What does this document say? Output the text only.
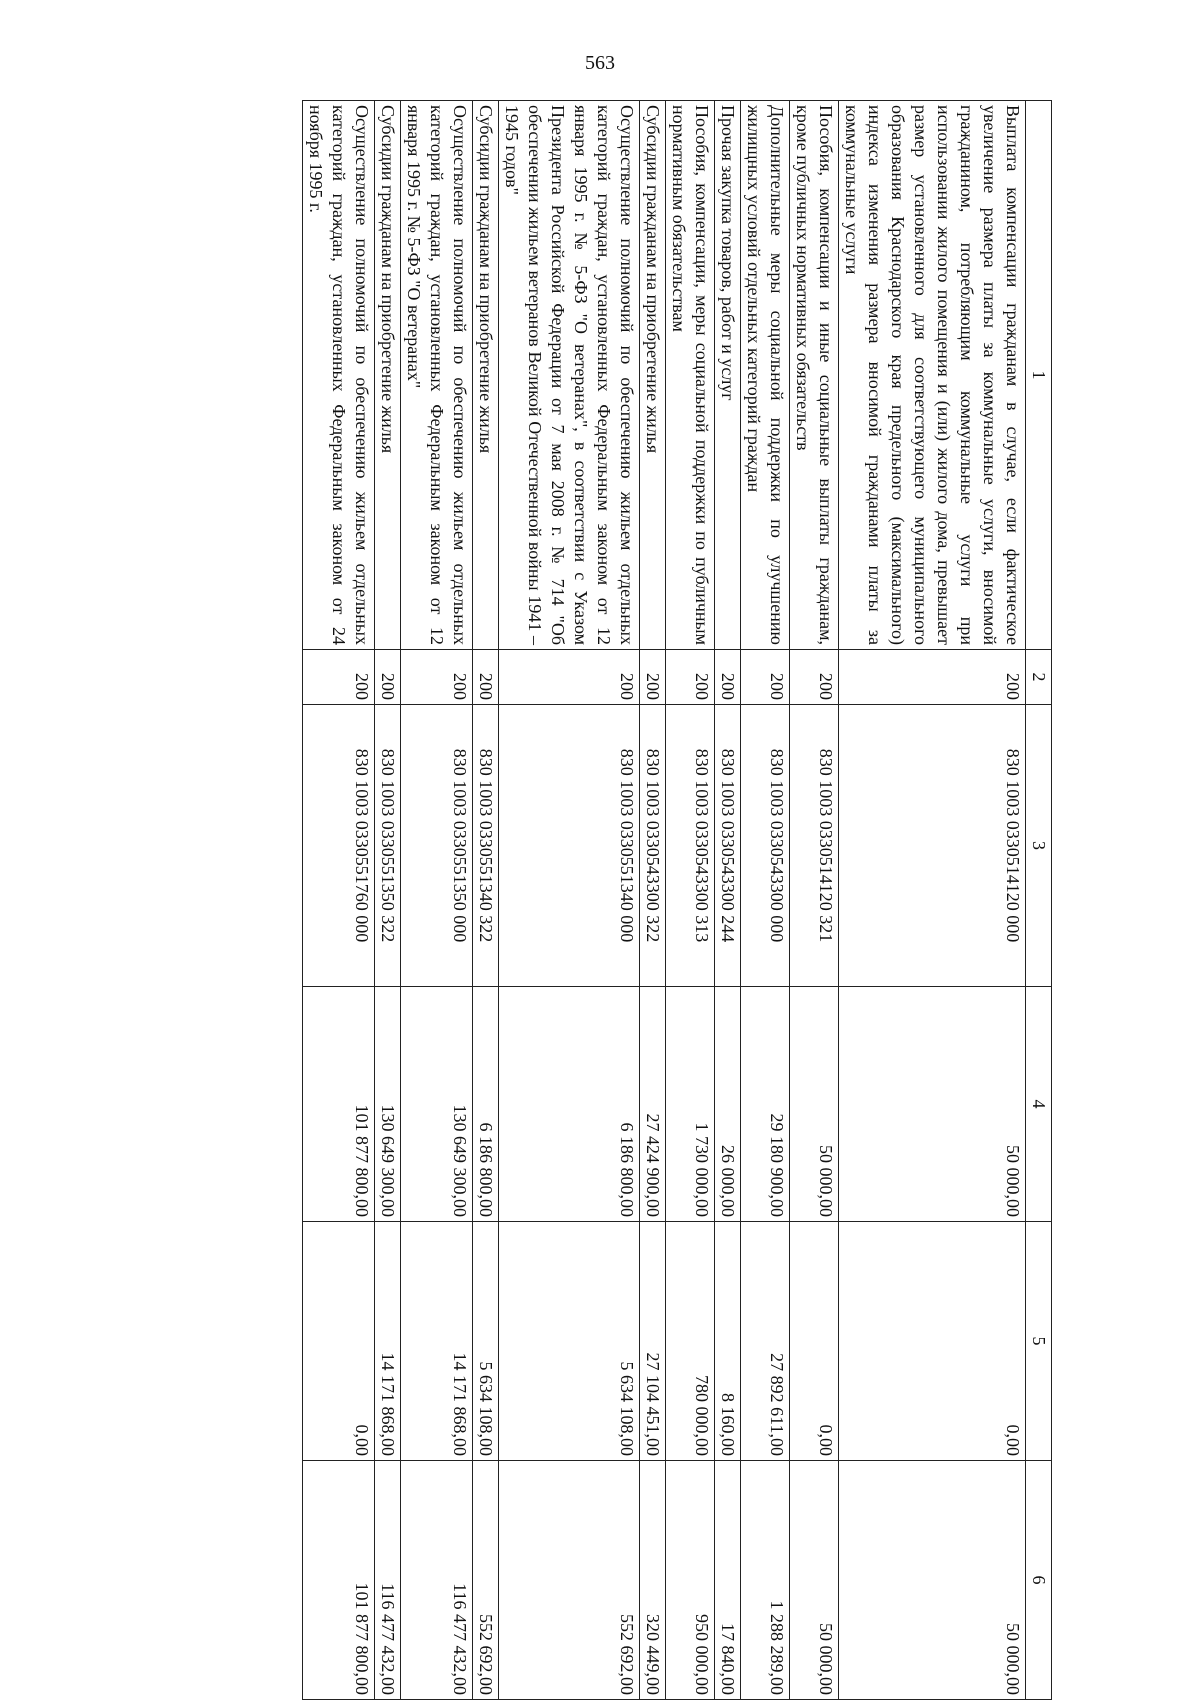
563
1	2	3	4	5	6
Выплата компенсации гражданам в случае, если фактическое увеличение размера платы за коммунальные услуги, вносимой гражданином, потребляющим коммунальные услуги при использовании жилого помещения и (или) жилого дома, превышает размер установленного для соответствующего муниципального образования Краснодарского края предельного (максимального) индекса изменения размера вносимой гражданами платы за коммунальные услуги	200	830 1003 0330514120 000	50 000,00	0,00	50 000,00
Пособия, компенсации и иные социальные выплаты гражданам, кроме публичных нормативных обязательств	200	830 1003 0330514120 321	50 000,00	0,00	50 000,00
Дополнительные меры социальной поддержки по улучшению жилищных условий отдельных категорий граждан	200	830 1003 0330543300 000	29 180 900,00	27 892 611,00	1 288 289,00
Прочая закупка товаров, работ и услуг	200	830 1003 0330543300 244	26 000,00	8 160,00	17 840,00
Пособия, компенсации, меры социальной поддержки по публичным нормативным обязательствам	200	830 1003 0330543300 313	1 730 000,00	780 000,00	950 000,00
Субсидии гражданам на приобретение жилья	200	830 1003 0330543300 322	27 424 900,00	27 104 451,00	320 449,00
Осуществление полномочий по обеспечению жильем отдельных категорий граждан, установленных Федеральным законом от 12 января 1995 г. № 5-ФЗ "О ветеранах", в соответствии с Указом Президента Российской Федерации от 7 мая 2008 г. № 714 "Об обеспечении жильем ветеранов Великой Отечественной войны 1941 – 1945 годов"	200	830 1003 0330551340 000	6 186 800,00	5 634 108,00	552 692,00
Субсидии гражданам на приобретение жилья	200	830 1003 0330551340 322	6 186 800,00	5 634 108,00	552 692,00
Осуществление полномочий по обеспечению жильем отдельных категорий граждан, установленных Федеральным законом от 12 января 1995 г. № 5-ФЗ "О ветеранах"	200	830 1003 0330551350 000	130 649 300,00	14 171 868,00	116 477 432,00
Субсидии гражданам на приобретение жилья	200	830 1003 0330551350 322	130 649 300,00	14 171 868,00	116 477 432,00
Осуществление полномочий по обеспечению жильем отдельных категорий граждан, установленных Федеральным законом от 24 ноября 1995 г.	200	830 1003 0330551760 000	101 877 800,00	0,00	101 877 800,00
